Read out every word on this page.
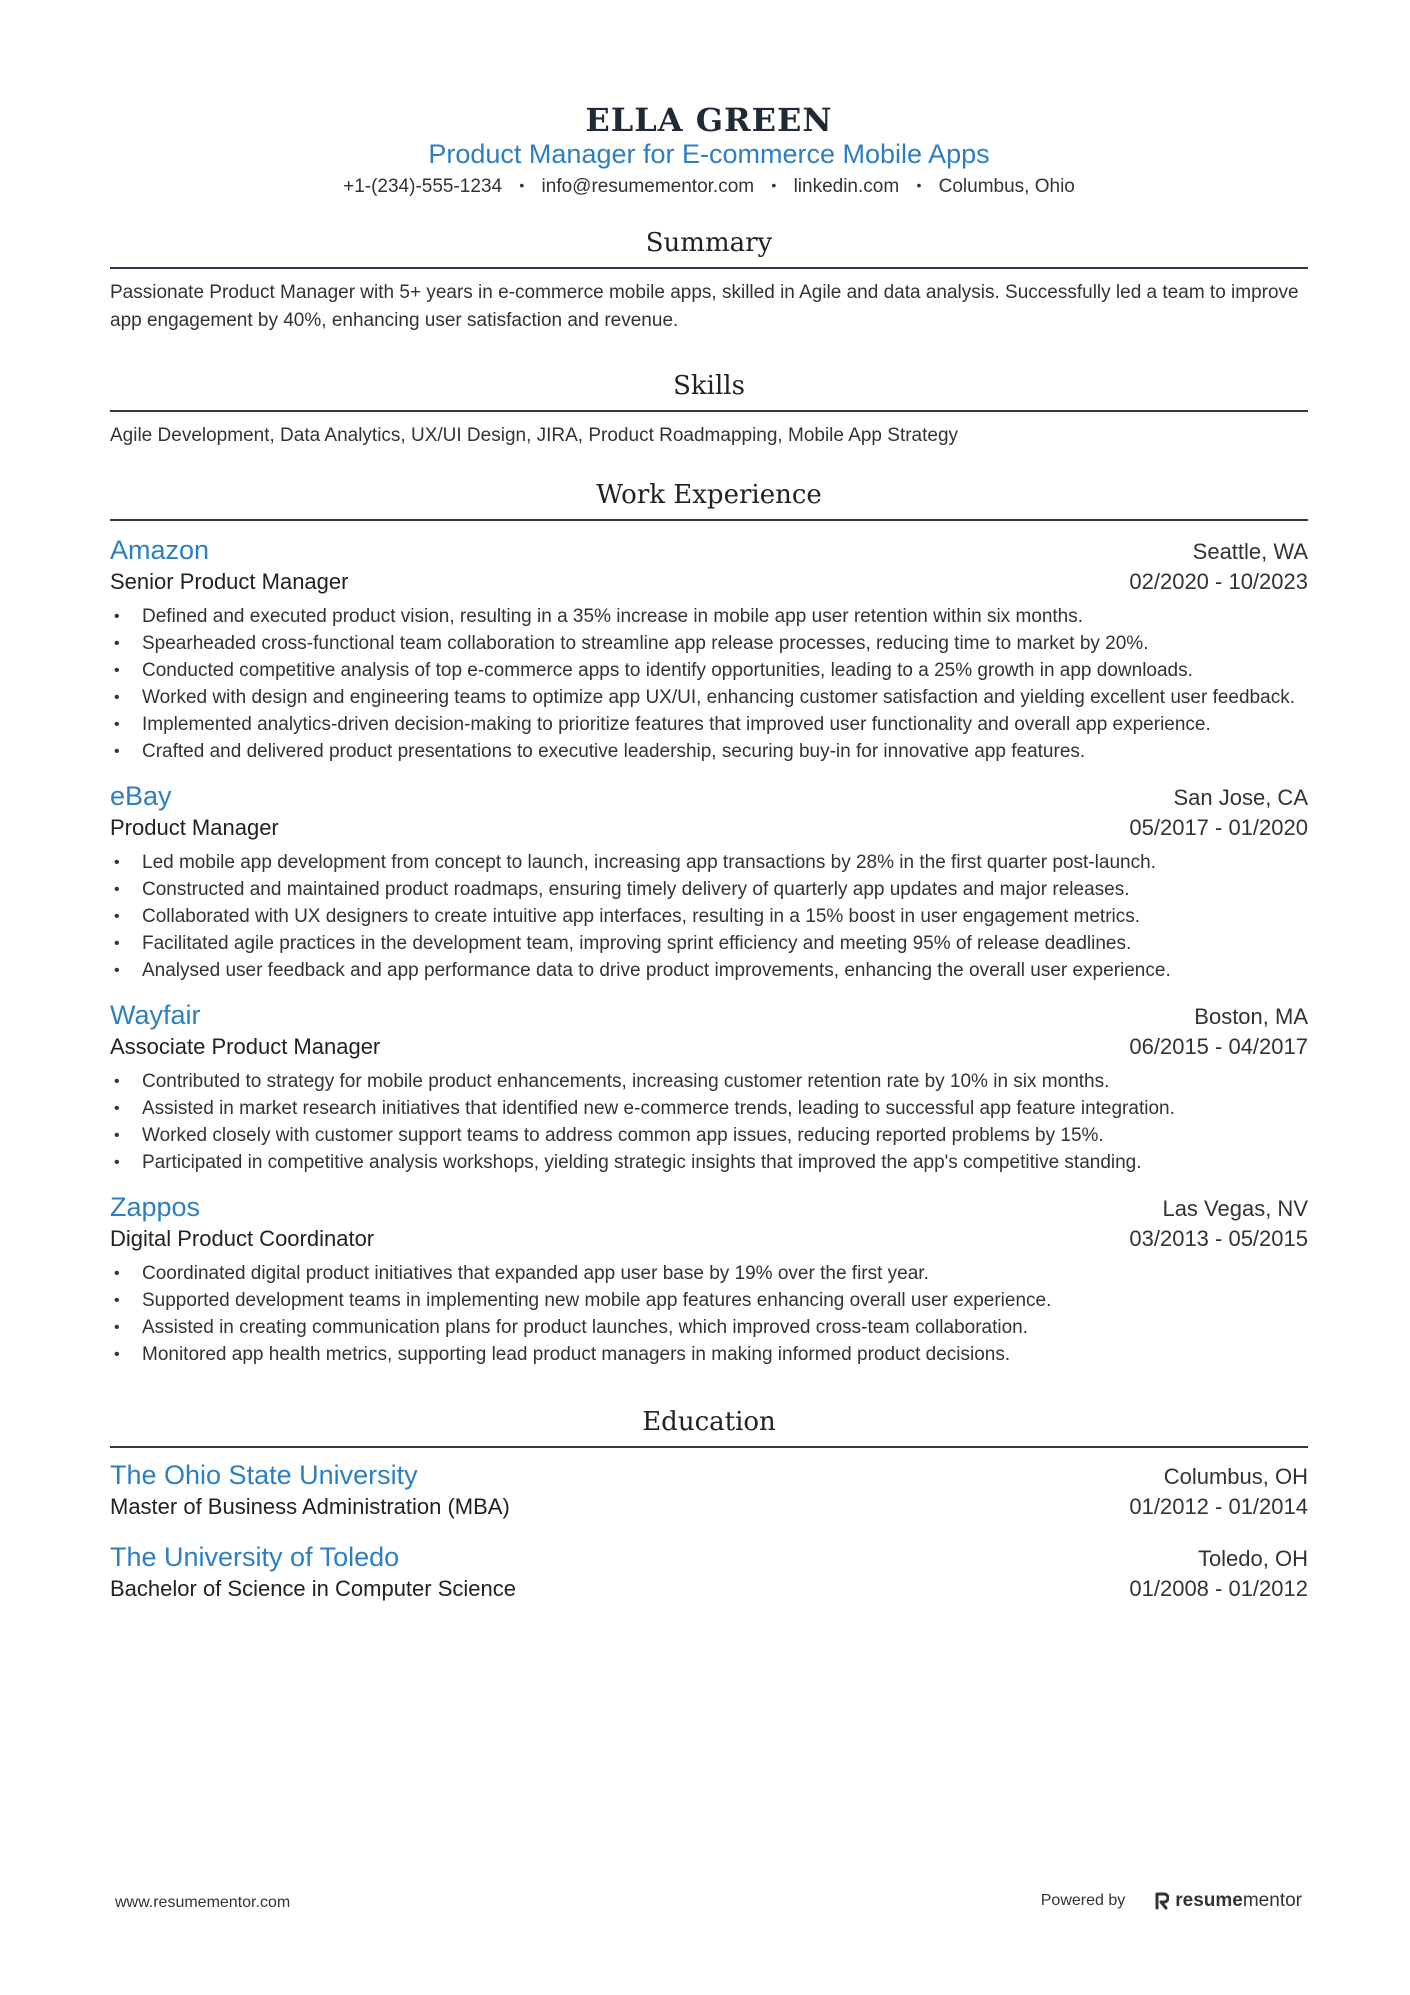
ELLA GREEN
Product Manager for E-commerce Mobile Apps
+1-(234)-555-1234 • info@resumementor.com • linkedin.com • Columbus, Ohio
Summary
Passionate Product Manager with 5+ years in e-commerce mobile apps, skilled in Agile and data analysis. Successfully led a team to improve app engagement by 40%, enhancing user satisfaction and revenue.
Skills
Agile Development, Data Analytics, UX/UI Design, JIRA, Product Roadmapping, Mobile App Strategy
Work Experience
Amazon	Seattle, WA
Senior Product Manager	02/2020 - 10/2023
• Defined and executed product vision, resulting in a 35% increase in mobile app user retention within six months.
• Spearheaded cross-functional team collaboration to streamline app release processes, reducing time to market by 20%.
• Conducted competitive analysis of top e-commerce apps to identify opportunities, leading to a 25% growth in app downloads.
• Worked with design and engineering teams to optimize app UX/UI, enhancing customer satisfaction and yielding excellent user feedback.
• Implemented analytics-driven decision-making to prioritize features that improved user functionality and overall app experience.
• Crafted and delivered product presentations to executive leadership, securing buy-in for innovative app features.
eBay	San Jose, CA
Product Manager	05/2017 - 01/2020
• Led mobile app development from concept to launch, increasing app transactions by 28% in the first quarter post-launch.
• Constructed and maintained product roadmaps, ensuring timely delivery of quarterly app updates and major releases.
• Collaborated with UX designers to create intuitive app interfaces, resulting in a 15% boost in user engagement metrics.
• Facilitated agile practices in the development team, improving sprint efficiency and meeting 95% of release deadlines.
• Analysed user feedback and app performance data to drive product improvements, enhancing the overall user experience.
Wayfair	Boston, MA
Associate Product Manager	06/2015 - 04/2017
• Contributed to strategy for mobile product enhancements, increasing customer retention rate by 10% in six months.
• Assisted in market research initiatives that identified new e-commerce trends, leading to successful app feature integration.
• Worked closely with customer support teams to address common app issues, reducing reported problems by 15%.
• Participated in competitive analysis workshops, yielding strategic insights that improved the app's competitive standing.
Zappos	Las Vegas, NV
Digital Product Coordinator	03/2013 - 05/2015
• Coordinated digital product initiatives that expanded app user base by 19% over the first year.
• Supported development teams in implementing new mobile app features enhancing overall user experience.
• Assisted in creating communication plans for product launches, which improved cross-team collaboration.
• Monitored app health metrics, supporting lead product managers in making informed product decisions.
Education
The Ohio State University	Columbus, OH
Master of Business Administration (MBA)	01/2012 - 01/2014
The University of Toledo	Toledo, OH
Bachelor of Science in Computer Science	01/2008 - 01/2012
www.resumementor.com	Powered by	resume mentor
